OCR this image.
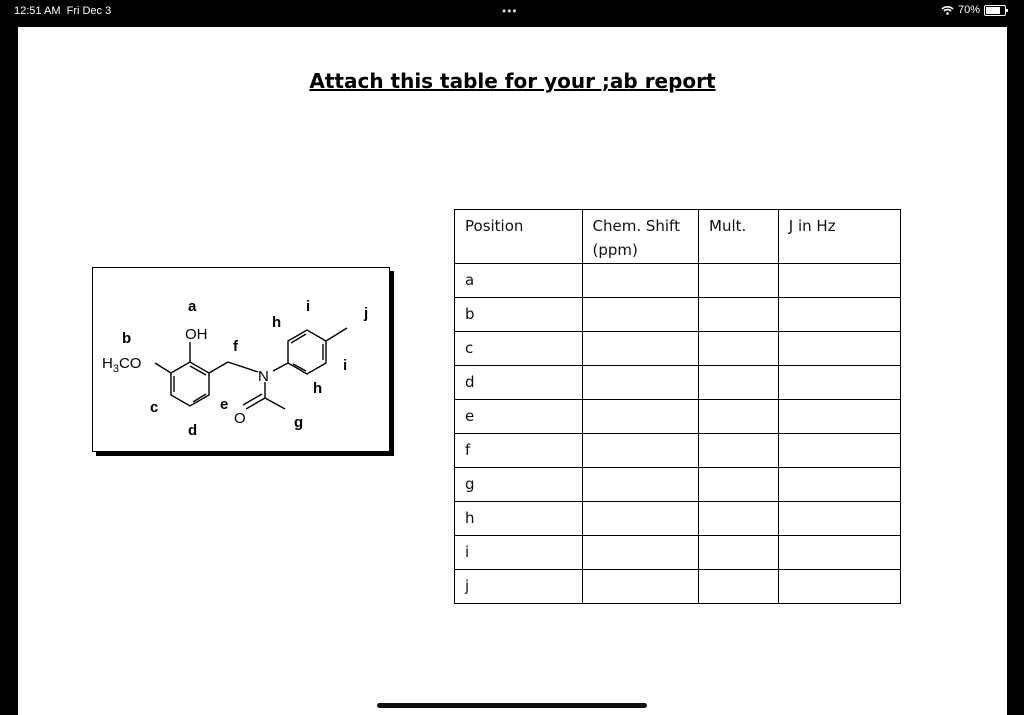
12:51 AM Fri Dec 3	•••	70%
Attach this table for your ;ab report
a
b
c
d
e
f
g
h
h
i
i
j
OH
$H_3CO$
N
O
Position	Chem. Shift (ppm)	Mult.	J in Hz
a			
b			
c			
d			
e			
f			
g			
h			
i			
j			
